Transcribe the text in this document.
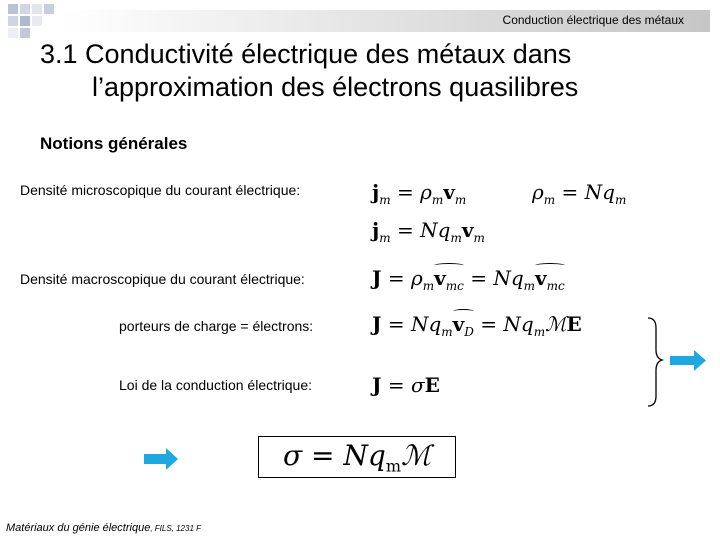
Conduction électrique des métaux
3.1 Conductivité électrique des métaux dans
l’approximation des électrons quasilibres
Notions générales
Densité microscopique du courant électrique:
Densité macroscopique du courant électrique:
porteurs de charge = électrons:
Loi de la conduction électrique:
$j_m = \rho_mv_m$	$\rho_m = Nq_m$
$j_m = Nq_mv_m$
$J = \rho_mv_{mc} = Nq_mv_{mc}$
$J = Nq_mv_D$ = $Nq_mℳE$
J = σE
$\sigma = Nq_mℳ$
Matériaux du génie électrique, FILS, 1231 F
